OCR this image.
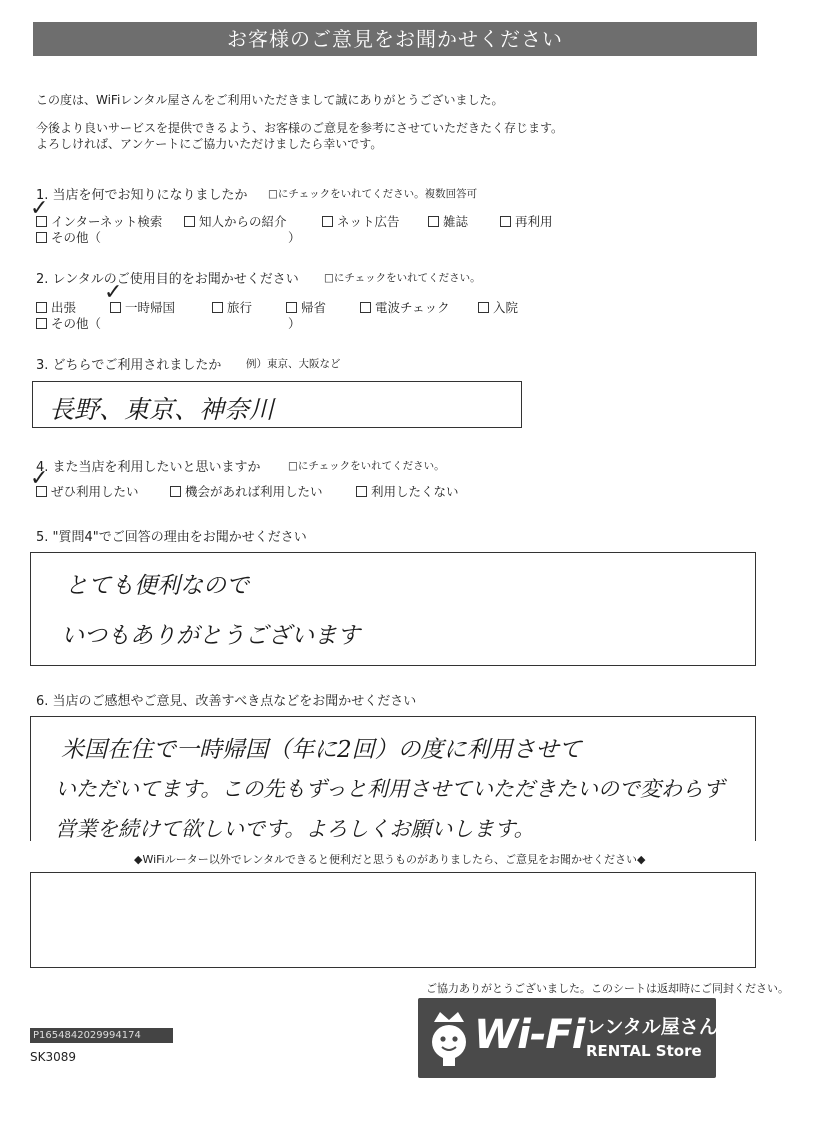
お客様のご意見をお聞かせください
この度は、WiFiレンタル屋さんをご利用いただきまして誠にありがとうございました。
今後より良いサービスを提供できるよう、お客様のご意見を参考にさせていただきたく存じます。
よろしければ、アンケートにご協力いただけましたら幸いです。
1. 当店を何でお知りになりましたか □にチェックをいれてください。複数回答可
✓
インターネット検索	知人からの紹介	ネット広告	雑誌	再利用
その他（	）
2. レンタルのご使用目的をお聞かせください □にチェックをいれてください。
✓
出張	一時帰国	旅行	帰省	電波チェック	入院
その他（	）
3. どちらでご利用されましたか 例）東京、大阪など
長野、東京、神奈川
4. また当店を利用したいと思いますか	□にチェックをいれてください。
✓
ぜひ利用したい	機会があれば利用したい	利用したくない
5. "質問4"でご回答の理由をお聞かせください
とても便利なので
いつもありがとうございます
6. 当店のご感想やご意見、改善すべき点などをお聞かせください
米国在住で一時帰国（年に2回）の度に利用させて
いただいてます。この先もずっと利用させていただきたいので変わらず
営業を続けて欲しいです。よろしくお願いします。
◆WiFiルーター以外でレンタルできると便利だと思うものがありましたら、ご意見をお聞かせください◆
ご協力ありがとうございました。このシートは返却時にご同封ください。
P1654842029994174
SK3089	Wi-Fi レンタル屋さん
RENTAL Store
